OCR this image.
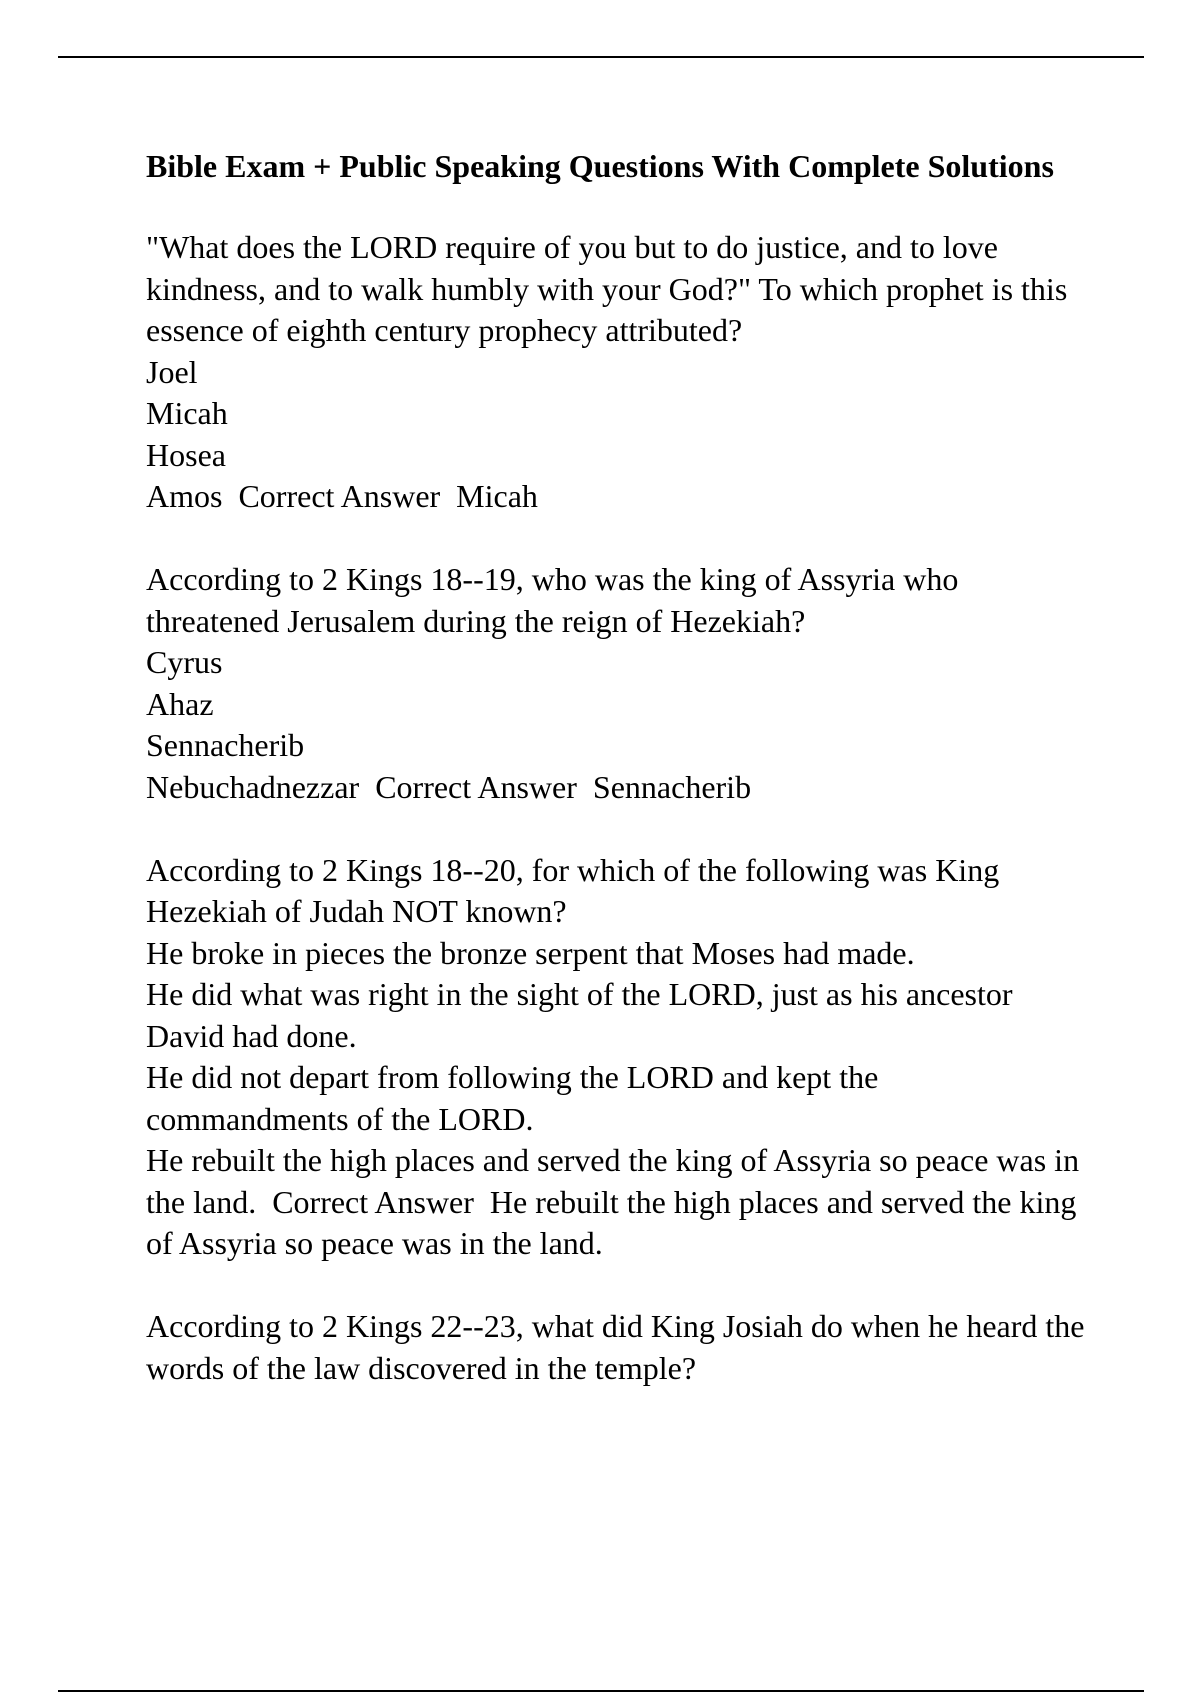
Bible Exam + Public Speaking Questions With Complete Solutions
"What does the LORD require of you but to do justice, and to love kindness, and to walk humbly with your God?" To which prophet is this essence of eighth century prophecy attributed?
Joel
Micah
Hosea
Amos Correct Answer Micah
According to 2 Kings 18--19, who was the king of Assyria who threatened Jerusalem during the reign of Hezekiah?
Cyrus
Ahaz
Sennacherib
Nebuchadnezzar Correct Answer Sennacherib
According to 2 Kings 18--20, for which of the following was King Hezekiah of Judah NOT known?
He broke in pieces the bronze serpent that Moses had made.
He did what was right in the sight of the LORD, just as his ancestor David had done.
He did not depart from following the LORD and kept the commandments of the LORD.
He rebuilt the high places and served the king of Assyria so peace was in the land. Correct Answer He rebuilt the high places and served the king of Assyria so peace was in the land.
According to 2 Kings 22--23, what did King Josiah do when he heard the words of the law discovered in the temple?
